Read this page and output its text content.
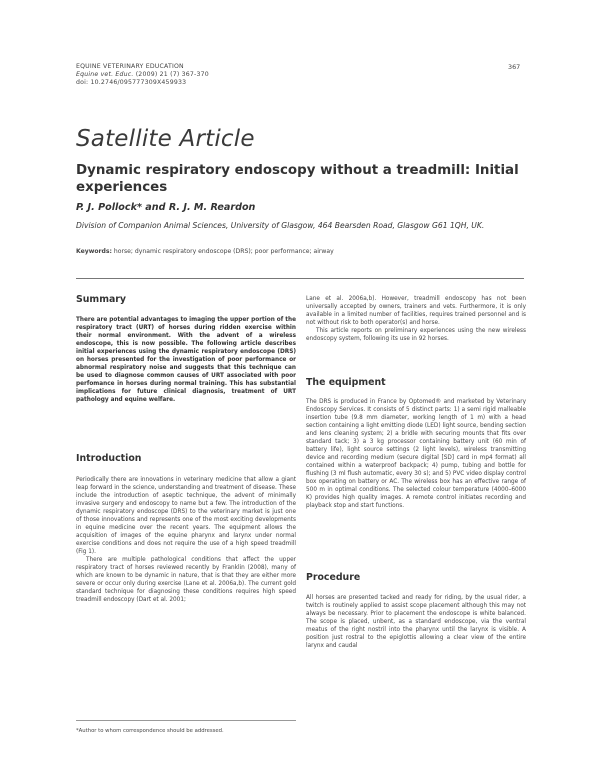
EQUINE VETERINARY EDUCATION
Equine vet. Educ. (2009) 21 (7) 367-370
doi: 10.2746/095777309X459933
367
Satellite Article
Dynamic respiratory endoscopy without a treadmill: Initial experiences
P. J. Pollock* and R. J. M. Reardon
Division of Companion Animal Sciences, University of Glasgow, 464 Bearsden Road, Glasgow G61 1QH, UK.
Keywords: horse; dynamic respiratory endoscope (DRS); poor performance; airway
Summary

There are potential advantages to imaging the upper portion of the respiratory tract (URT) of horses during ridden exercise within their normal environment. With the advent of a wireless endoscope, this is now possible. The following article describes initial experiences using the dynamic respiratory endoscope (DRS) on horses presented for the investigation of poor performance or abnormal respiratory noise and suggests that this technique can be used to diagnose common causes of URT associated with poor perfomance in horses during normal training. This has substantial implications for future clinical diagnosis, treatment of URT pathology and equine welfare.

Introduction

Periodically there are innovations in veterinary medicine that allow a giant leap forward in the science, understanding and treatment of disease. These include the introduction of aseptic technique, the advent of minimally invasive surgery and endoscopy to name but a few. The introduction of the dynamic respiratory endoscope (DRS) to the veterinary market is just one of those innovations and represents one of the most exciting developments in equine medicine over the recent years. The equipment allows the acquisition of images of the equine pharynx and larynx under normal exercise conditions and does not require the use of a high speed treadmill (Fig 1).

There are multiple pathological conditions that affect the upper respiratory tract of horses reviewed recently by Franklin (2008), many of which are known to be dynamic in nature, that is that they are either more severe or occur only during exercise (Lane et al. 2006a,b). The current gold standard technique for diagnosing these conditions requires high speed treadmill endoscopy (Dart et al. 2001;

*Author to whom correspondence should be addressed.

Lane et al. 2006a,b). However, treadmill endoscopy has not been universally accepted by owners, trainers and vets. Furthermore, it is only available in a limited number of facilities, requires trained personnel and is not without risk to both operator(s) and horse.

This article reports on preliminary experiences using the new wireless endoscopy system, following its use in 92 horses.

The equipment

The DRS is produced in France by Optomed® and marketed by Veterinary Endoscopy Services. It consists of 5 distinct parts: 1) a semi rigid malleable insertion tube (9.8 mm diameter, working length of 1 m) with a head section containing a light emitting diode (LED) light source, bending section and lens cleaning system; 2) a bridle with securing mounts that fits over standard tack; 3) a 3 kg processor containing battery unit (60 min of battery life), light source settings (2 light levels), wireless transmitting device and recording medium (secure digital [SD] card in mp4 format) all contained within a waterproof backpack; 4) pump, tubing and bottle for flushing (3 ml flush automatic, every 30 s); and 5) PVC video display control box operating on battery or AC. The wireless box has an effective range of 500 m in optimal conditions. The selected colour temperature (4000–6000 K) provides high quality images. A remote control initiates recording and playback stop and start functions.

Procedure

All horses are presented tacked and ready for riding, by the usual rider, a twitch is routinely applied to assist scope placement although this may not always be necessary. Prior to placement the endoscope is white balanced. The scope is placed, unbent, as a standard endoscope, via the ventral meatus of the right nostril into the pharynx until the larynx is visible. A position just rostral to the epiglottis allowing a clear view of the entire larynx and caudal
